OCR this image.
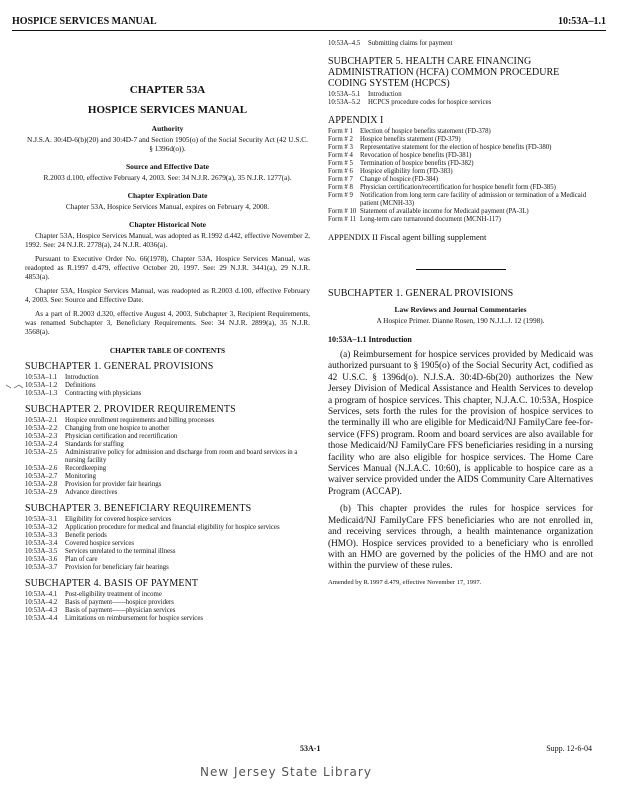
HOSPICE SERVICES MANUAL	10:53A–1.1
CHAPTER 53A
HOSPICE SERVICES MANUAL
Authority
N.J.S.A. 30:4D-6(b)(20) and 30:4D-7 and Section 1905(o) of the Social Security Act (42 U.S.C. § 1396d(o)).
Source and Effective Date
R.2003 d.100, effective February 4, 2003. See: 34 N.J.R. 2679(a), 35 N.J.R. 1277(a).
Chapter Expiration Date
Chapter 53A, Hospice Services Manual, expires on February 4, 2008.
Chapter Historical Note

Chapter 53A, Hospice Services Manual, was adopted as R.1992 d.442, effective November 2, 1992. See: 24 N.J.R. 2778(a), 24 N.J.R. 4036(a).

Pursuant to Executive Order No. 66(1978), Chapter 53A, Hospice Services Manual, was readopted as R.1997 d.479, effective October 20, 1997. See: 29 N.J.R. 3441(a), 29 N.J.R. 4853(a).

Chapter 53A, Hospice Services Manual, was readopted as R.2003 d.100, effective February 4, 2003. See: Source and Effective Date.

As a part of R.2003 d.320, effective August 4, 2003, Subchapter 3, Recipient Requirements, was renamed Subchapter 3, Beneficiary Requirements. See: 34 N.J.R. 2899(a), 35 N.J.R. 3568(a).

CHAPTER TABLE OF CONTENTS
SUBCHAPTER 1. GENERAL PROVISIONS
10:53A–1.1 Introduction
10:53A–1.2 Definitions
10:53A–1.3 Contracting with physicians
SUBCHAPTER 2. PROVIDER REQUIREMENTS
10:53A–2.1 Hospice enrollment requirements and billing processes
10:53A–2.2 Changing from one hospice to another
10:53A–2.3 Physician certification and recertification
10:53A–2.4 Standards for staffing
10:53A–2.5 Administrative policy for admission and discharge from room and board services in a nursing facility
10:53A–2.6 Recordkeeping
10:53A–2.7 Monitoring
10:53A–2.8 Provision for provider fair hearings
10:53A–2.9 Advance directives
SUBCHAPTER 3. BENEFICIARY REQUIREMENTS
10:53A–3.1 Eligibility for covered hospice services
10:53A–3.2 Application procedure for medical and financial eligibility for hospice services
10:53A–3.3 Benefit periods
10:53A–3.4 Covered hospice services
10:53A–3.5 Services unrelated to the terminal illness
10:53A–3.6 Plan of care
10:53A–3.7 Provision for beneficiary fair hearings
SUBCHAPTER 4. BASIS OF PAYMENT
10:53A–4.1 Post-eligibility treatment of income
10:53A–4.2 Basis of payment——hospice providers
10:53A–4.3 Basis of payment——physician services
10:53A–4.4 Limitations on reimbursement for hospice services
10:53A–4.5 Submitting claims for payment
SUBCHAPTER 5. HEALTH CARE FINANCING ADMINISTRATION (HCFA) COMMON PROCEDURE CODING SYSTEM (HCPCS)
10:53A–5.1 Introduction
10:53A–5.2 HCPCS procedure codes for hospice services
APPENDIX I
Form # 1 Election of hospice benefits statement (FD-378)
Form # 2 Hospice benefits statement (FD-379)
Form # 3 Representative statement for the election of hospice benefits (FD-380)
Form # 4 Revocation of hospice benefits (FD-381)
Form # 5 Termination of hospice benefits (FD-382)
Form # 6 Hospice eligibility form (FD-383)
Form # 7 Change of hospice (FD-384)
Form # 8 Physician certification/recertification for hospice benefit form (FD-385)
Form # 9 Notification from long term care facility of admission or termination of a Medicaid patient (MCNH-33)
Form # 10 Statement of available income for Medicaid payment (PA-3L)
Form # 11 Long-term care turnaround document (MCNH-117)
APPENDIX II Fiscal agent billing supplement
SUBCHAPTER 1. GENERAL PROVISIONS
Law Reviews and Journal Commentaries
A Hospice Primer. Dianne Rosen, 190 N.J.L.J. 12 (1998).
10:53A–1.1 Introduction

(a) Reimbursement for hospice services provided by Medicaid was authorized pursuant to § 1905(o) of the Social Security Act, codified as 42 U.S.C. § 1396d(o). N.J.S.A. 30:4D-6b(20) authorizes the New Jersey Division of Medical Assistance and Health Services to develop a program of hospice services. This chapter, N.J.A.C. 10:53A, Hospice Services, sets forth the rules for the provision of hospice services to the terminally ill who are eligible for Medicaid/NJ FamilyCare fee-for-service (FFS) program. Room and board services are also available for those Medicaid/NJ FamilyCare FFS beneficiaries residing in a nursing facility who are also eligible for hospice services. The Home Care Services Manual (N.J.A.C. 10:60), is applicable to hospice care as a waiver service provided under the AIDS Community Care Alternatives Program (ACCAP).

(b) This chapter provides the rules for hospice services for Medicaid/NJ FamilyCare FFS beneficiaries who are not enrolled in, and receiving services through, a health maintenance organization (HMO). Hospice services provided to a beneficiary who is enrolled with an HMO are governed by the policies of the HMO and are not within the purview of these rules.

Amended by R.1997 d.479, effective November 17, 1997.
53A-1	Supp. 12-6-04
New Jersey State Library
